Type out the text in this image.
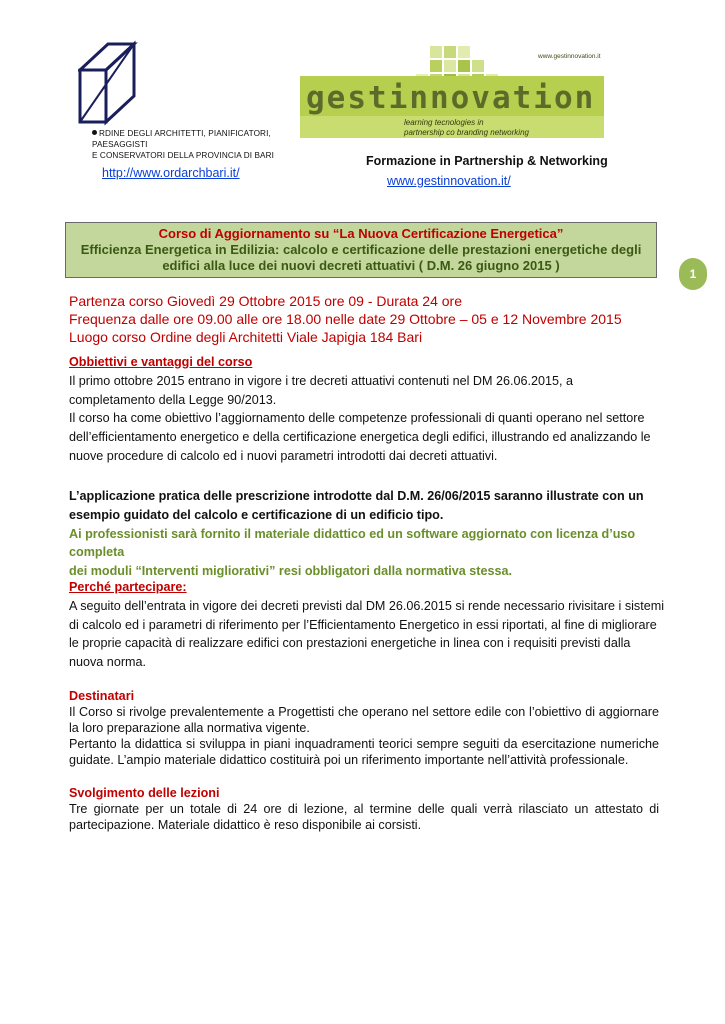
RDINE DEGLI ARCHITETTI, PIANIFICATORI, PAESAGGISTI
E CONSERVATORI DELLA PROVINCIA DI BARI
www.gestinnovation.it
gestinnovation
learning tecnologies in
partnership co branding networking
http://www.ordarchbari.it/
Formazione in Partnership & Networking
www.gestinnovation.it/
Corso di Aggiornamento su “La Nuova Certificazione Energetica”
Efficienza Energetica in Edilizia: calcolo e certificazione delle prestazioni energetiche degli
edifici alla luce dei nuovi decreti attuativi ( D.M. 26 giugno 2015 )
1
Partenza corso Giovedì 29 Ottobre 2015 ore 09 - Durata 24 ore
Frequenza dalle ore 09.00 alle ore 18.00 nelle date 29 Ottobre – 05 e 12 Novembre 2015
Luogo corso Ordine degli Architetti Viale Japigia 184 Bari
Obbiettivi e vantaggi del corso
Il primo ottobre 2015 entrano in vigore i tre decreti attuativi contenuti nel DM 26.06.2015, a
completamento della Legge 90/2013.
Il corso ha come obiettivo l’aggiornamento delle competenze professionali di quanti operano nel settore
dell’efficientamento energetico e della certificazione energetica degli edifici, illustrando ed analizzando le
nuove procedure di calcolo ed i nuovi parametri introdotti dai decreti attuativi.
L’applicazione pratica delle prescrizione introdotte dal D.M. 26/06/2015 saranno illustrate con un
esempio guidato del calcolo e certificazione di un edificio tipo.
Ai professionisti sarà fornito il materiale didattico ed un software aggiornato con licenza d’uso completa
dei moduli “Interventi migliorativi” resi obbligatori dalla normativa stessa.
Perché partecipare:
A seguito dell’entrata in vigore dei decreti previsti dal DM 26.06.2015 si rende necessario rivisitare i sistemi
di calcolo ed i parametri di riferimento per l’Efficientamento Energetico in essi riportati, al fine di migliorare
le proprie capacità di realizzare edifici con prestazioni energetiche in linea con i requisiti previsti dalla
nuova norma.
Destinatari
Il Corso si rivolge prevalentemente a Progettisti che operano nel settore edile con l’obiettivo di aggiornare la loro preparazione alla normativa vigente.
Pertanto la didattica si sviluppa in piani inquadramenti teorici sempre seguiti da esercitazione numeriche guidate. L’ampio materiale didattico costituirà poi un riferimento importante nell’attività professionale.
Svolgimento delle lezioni
Tre giornate per un totale di 24 ore di lezione, al termine delle quali verrà rilasciato un attestato di partecipazione. Materiale didattico è reso disponibile ai corsisti.
